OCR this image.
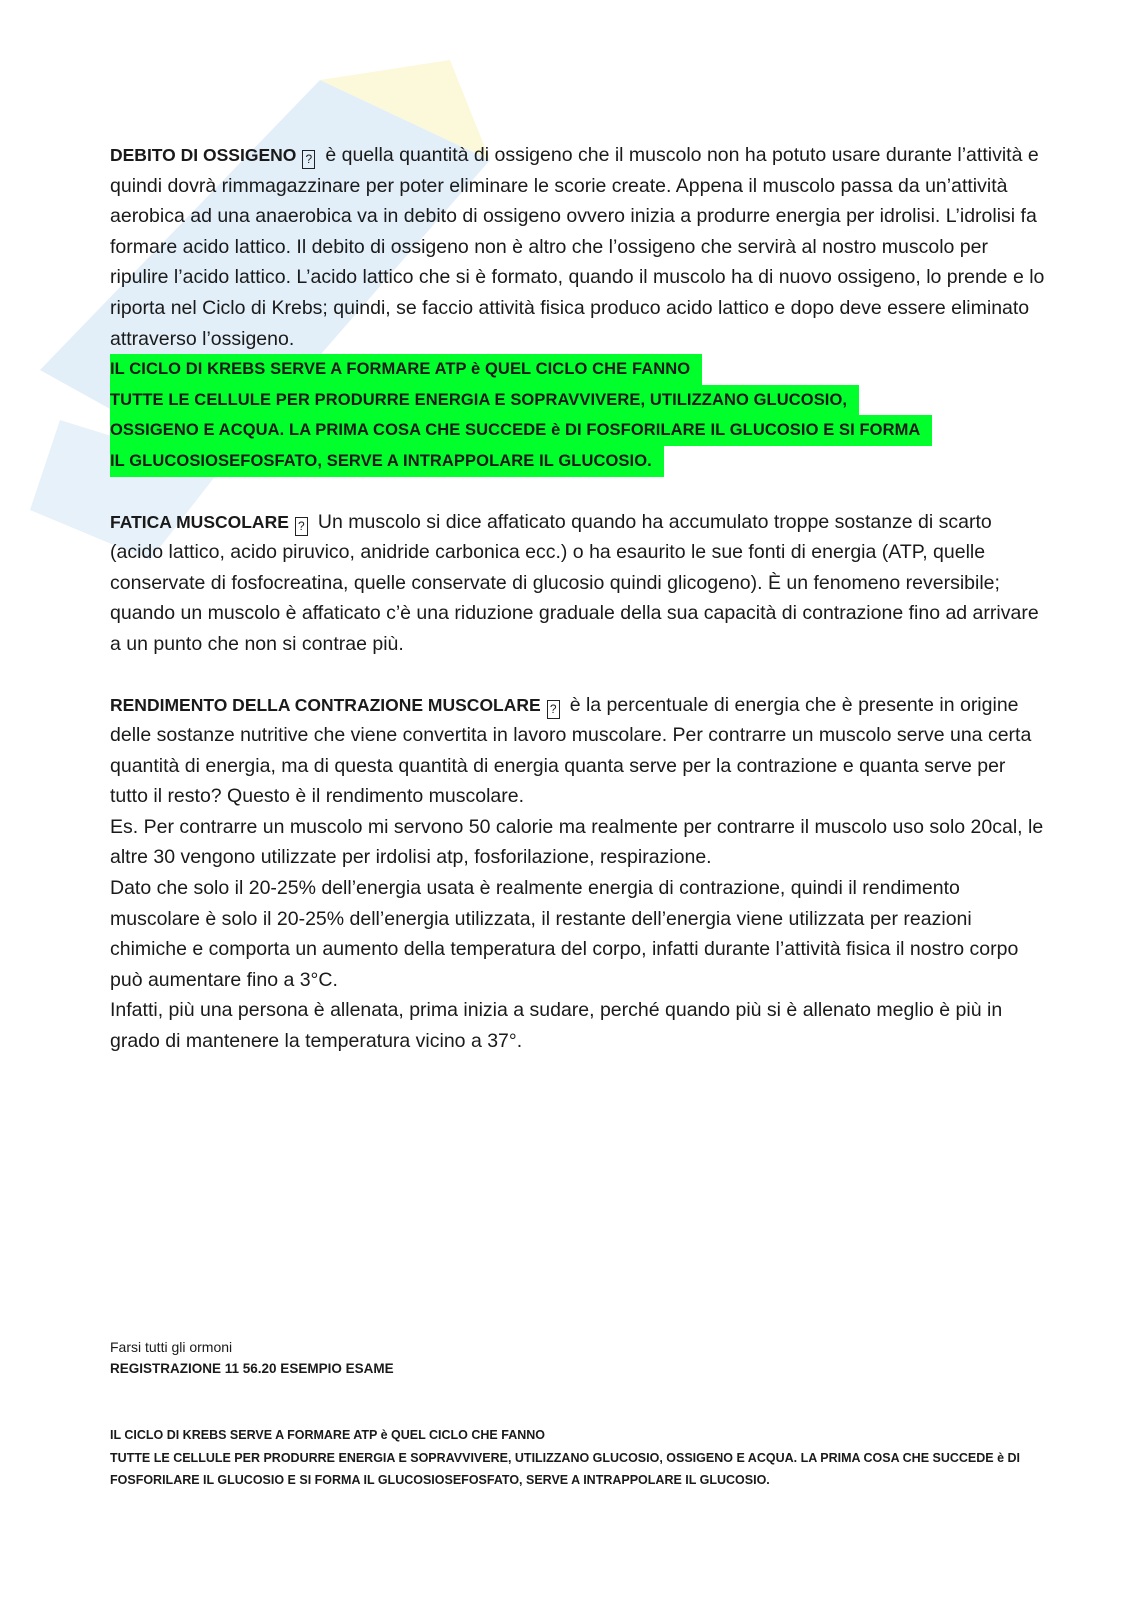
DEBITO DI OSSIGENO ? è quella quantità di ossigeno che il muscolo non ha potuto usare durante l’attività e quindi dovrà rimmagazzinare per poter eliminare le scorie create. Appena il muscolo passa da un’attività aerobica ad una anaerobica va in debito di ossigeno ovvero inizia a produrre energia per idrolisi. L’idrolisi fa formare acido lattico. Il debito di ossigeno non è altro che l’ossigeno che servirà al nostro muscolo per ripulire l’acido lattico. L’acido lattico che si è formato, quando il muscolo ha di nuovo ossigeno, lo prende e lo riporta nel Ciclo di Krebs; quindi, se faccio attività fisica produco acido lattico e dopo deve essere eliminato attraverso l’ossigeno.

IL CICLO DI KREBS SERVE A FORMARE ATP è QUEL CICLO CHE FANNO
TUTTE LE CELLULE PER PRODURRE ENERGIA E SOPRAVVIVERE, UTILIZZANO GLUCOSIO,
OSSIGENO E ACQUA. LA PRIMA COSA CHE SUCCEDE è DI FOSFORILARE IL GLUCOSIO E SI FORMA
IL GLUCOSIOSEFOSFATO, SERVE A INTRAPPOLARE IL GLUCOSIO.

FATICA MUSCOLARE ? Un muscolo si dice affaticato quando ha accumulato troppe sostanze di scarto (acido lattico, acido piruvico, anidride carbonica ecc.) o ha esaurito le sue fonti di energia (ATP, quelle conservate di fosfocreatina, quelle conservate di glucosio quindi glicogeno). È un fenomeno reversibile; quando un muscolo è affaticato c’è una riduzione graduale della sua capacità di contrazione fino ad arrivare a un punto che non si contrae più.

RENDIMENTO DELLA CONTRAZIONE MUSCOLARE ? è la percentuale di energia che è presente in origine delle sostanze nutritive che viene convertita in lavoro muscolare. Per contrarre un muscolo serve una certa quantità di energia, ma di questa quantità di energia quanta serve per la contrazione e quanta serve per tutto il resto? Questo è il rendimento muscolare.

Es. Per contrarre un muscolo mi servono 50 calorie ma realmente per contrarre il muscolo uso solo 20cal, le altre 30 vengono utilizzate per irdolisi atp, fosforilazione, respirazione.

Dato che solo il 20-25% dell’energia usata è realmente energia di contrazione, quindi il rendimento muscolare è solo il 20-25% dell’energia utilizzata, il restante dell’energia viene utilizzata per reazioni chimiche e comporta un aumento della temperatura del corpo, infatti durante l’attività fisica il nostro corpo può aumentare fino a 3°C.

Infatti, più una persona è allenata, prima inizia a sudare, perché quando più si è allenato meglio è più in grado di mantenere la temperatura vicino a 37°.

Farsi tutti gli ormoni

REGISTRAZIONE 11 56.20 ESEMPIO ESAME

IL CICLO DI KREBS SERVE A FORMARE ATP è QUEL CICLO CHE FANNO

TUTTE LE CELLULE PER PRODURRE ENERGIA E SOPRAVVIVERE, UTILIZZANO GLUCOSIO, OSSIGENO E ACQUA. LA PRIMA COSA CHE SUCCEDE è DI FOSFORILARE IL GLUCOSIO E SI FORMA IL GLUCOSIOSEFOSFATO, SERVE A INTRAPPOLARE IL GLUCOSIO.
